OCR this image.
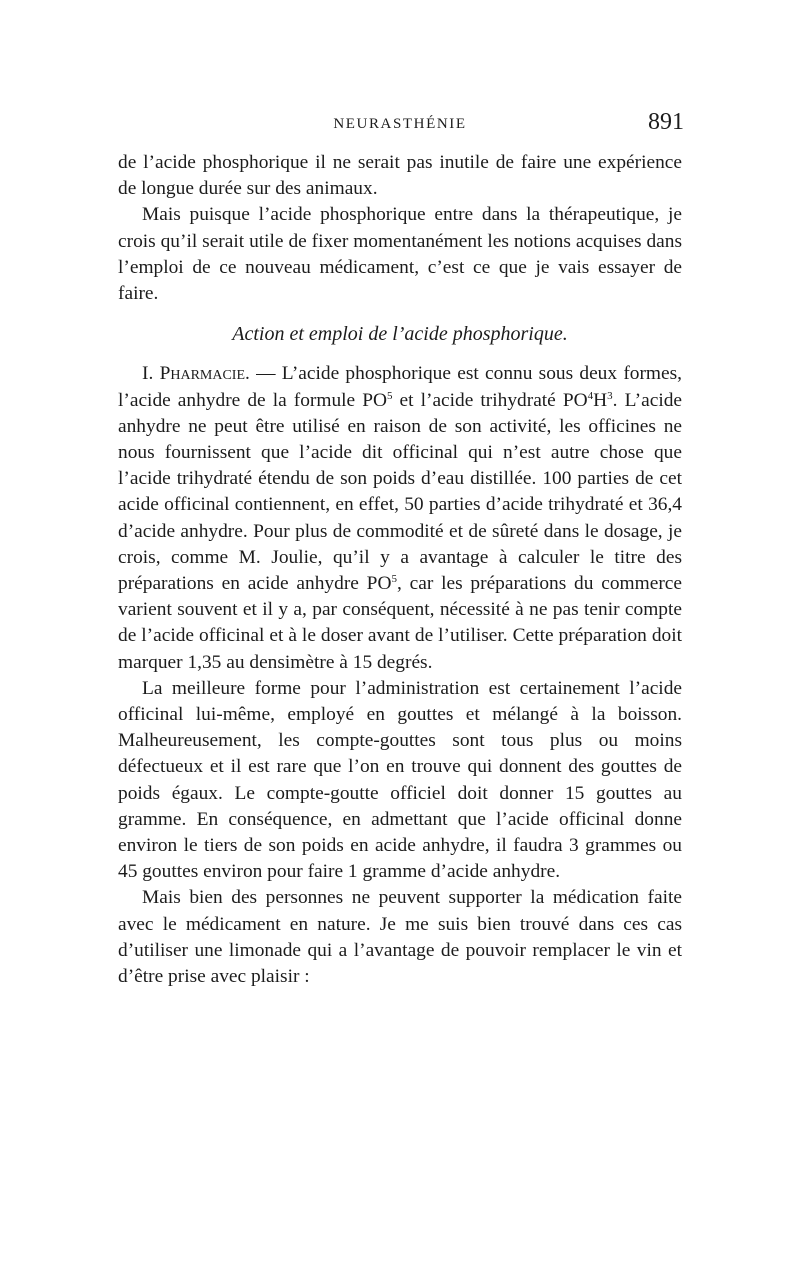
NEURASTHÉNIE	891

de l’acide phosphorique il ne serait pas inutile de faire une expérience de longue durée sur des animaux.

Mais puisque l’acide phosphorique entre dans la thérapeutique, je crois qu’il serait utile de fixer momentanément les notions acquises dans l’emploi de ce nouveau médicament, c’est ce que je vais essayer de faire.

Action et emploi de l’acide phosphorique.

I. Pharmacie. — L’acide phosphorique est connu sous deux formes, l’acide anhydre de la formule $PO^5$ et l’acide trihydraté $PO^4H^3$. L’acide anhydre ne peut être utilisé en raison de son activité, les officines ne nous fournissent que l’acide dit officinal qui n’est autre chose que l’acide trihydraté étendu de son poids d’eau distillée. 100 parties de cet acide officinal contiennent, en effet, 50 parties d’acide trihydraté et 36,4 d’acide anhydre. Pour plus de commodité et de sûreté dans le dosage, je crois, comme M. Joulie, qu’il y a avantage à calculer le titre des préparations en acide anhydre $PO^5$, car les préparations du commerce varient souvent et il y a, par conséquent, nécessité à ne pas tenir compte de l’acide officinal et à le doser avant de l’utiliser. Cette préparation doit marquer 1,35 au densimètre à 15 degrés.

La meilleure forme pour l’administration est certainement l’acide officinal lui-même, employé en gouttes et mélangé à la boisson. Malheureusement, les compte-gouttes sont tous plus ou moins défectueux et il est rare que l’on en trouve qui donnent des gouttes de poids égaux. Le compte-goutte officiel doit donner 15 gouttes au gramme. En conséquence, en admettant que l’acide officinal donne environ le tiers de son poids en acide anhydre, il faudra 3 grammes ou 45 gouttes environ pour faire 1 gramme d’acide anhydre.

Mais bien des personnes ne peuvent supporter la médication faite avec le médicament en nature. Je me suis bien trouvé dans ces cas d’utiliser une limonade qui a l’avantage de pouvoir remplacer le vin et d’être prise avec plaisir :
